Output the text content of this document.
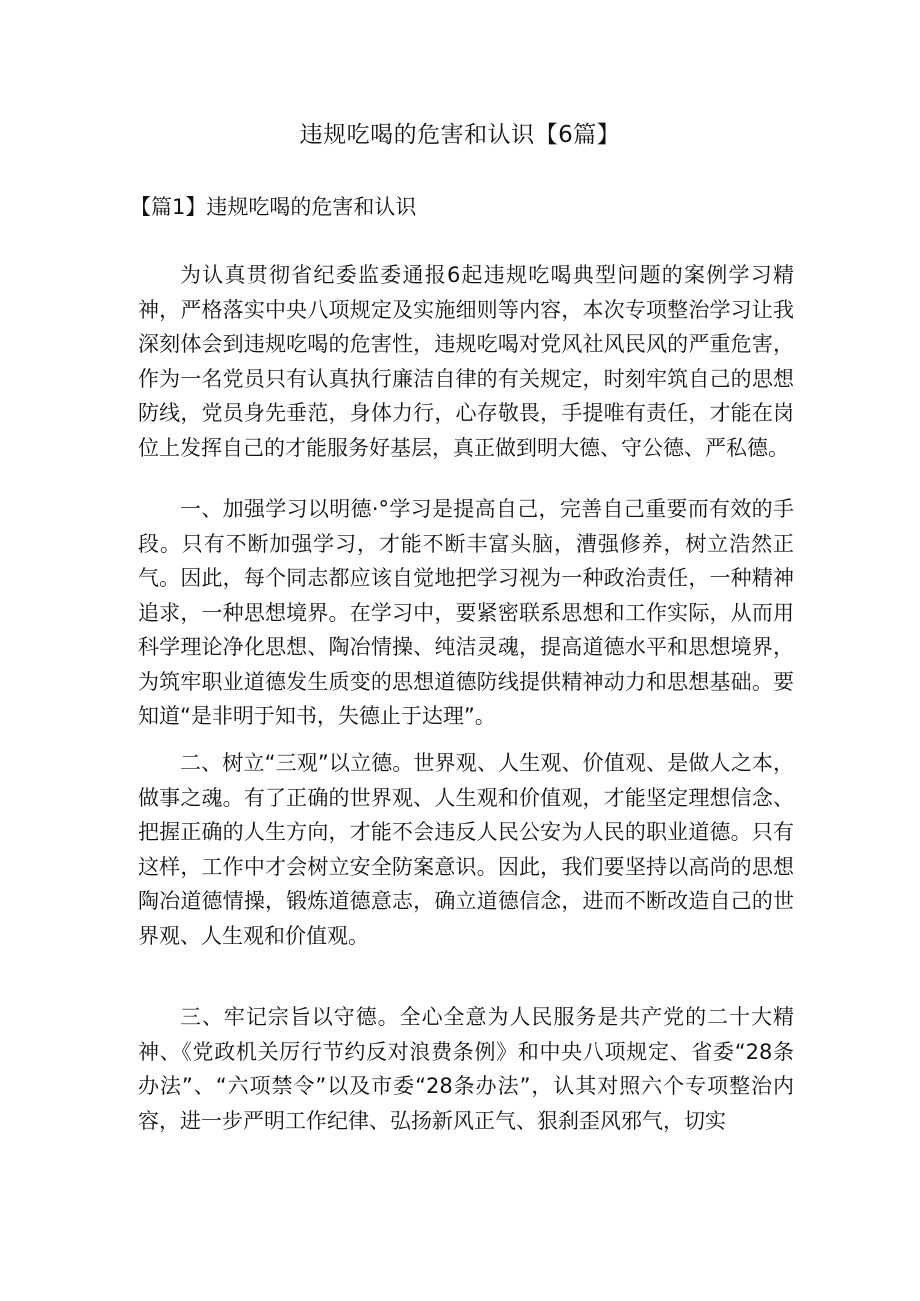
违规吃喝的危害和认识【6篇】
【篇1】违规吃喝的危害和认识

为认真贯彻省纪委监委通报6起违规吃喝典型问题的案例学习精神，严格落实中央八项规定及实施细则等内容，本次专项整治学习让我深刻体会到违规吃喝的危害性，违规吃喝对党风社风民风的严重危害，作为一名党员只有认真执行廉洁自律的有关规定，时刻牢筑自己的思想防线，党员身先垂范，身体力行，心存敬畏，手提唯有责任，才能在岗位上发挥自己的才能服务好基层，真正做到明大德、守公德、严私德。

一、加强学习以明德·°学习是提高自己，完善自己重要而有效的手段。只有不断加强学习，才能不断丰富头脑，漕强修养，树立浩然正气。因此，每个同志都应该自觉地把学习视为一种政治责任，一种精神追求，一种思想境界。在学习中，要紧密联系思想和工作实际，从而用科学理论净化思想、陶冶情操、纯洁灵魂，提高道德水平和思想境界，为筑牢职业道德发生质变的思想道德防线提供精神动力和思想基础。要知道“是非明于知书，失德止于达理”。

二、树立“三观”以立德。世界观、人生观、价值观、是做人之本，做事之魂。有了正确的世界观、人生观和价值观，才能坚定理想信念、把握正确的人生方向，才能不会违反人民公安为人民的职业道德。只有这样，工作中才会树立安全防案意识。因此，我们要坚持以高尚的思想陶冶道德情操，锻炼道德意志，确立道德信念，进而不断改造自己的世界观、人生观和价值观。

三、牢记宗旨以守德。全心全意为人民服务是共产党的二十大精神、《党政机关厉行节约反对浪费条例》和中央八项规定、省委“28条办法”、“六项禁令”以及市委“28条办法”，认其对照六个专项整治内容，进一步严明工作纪律、弘扬新风正气、狠刹歪风邪气，切实
